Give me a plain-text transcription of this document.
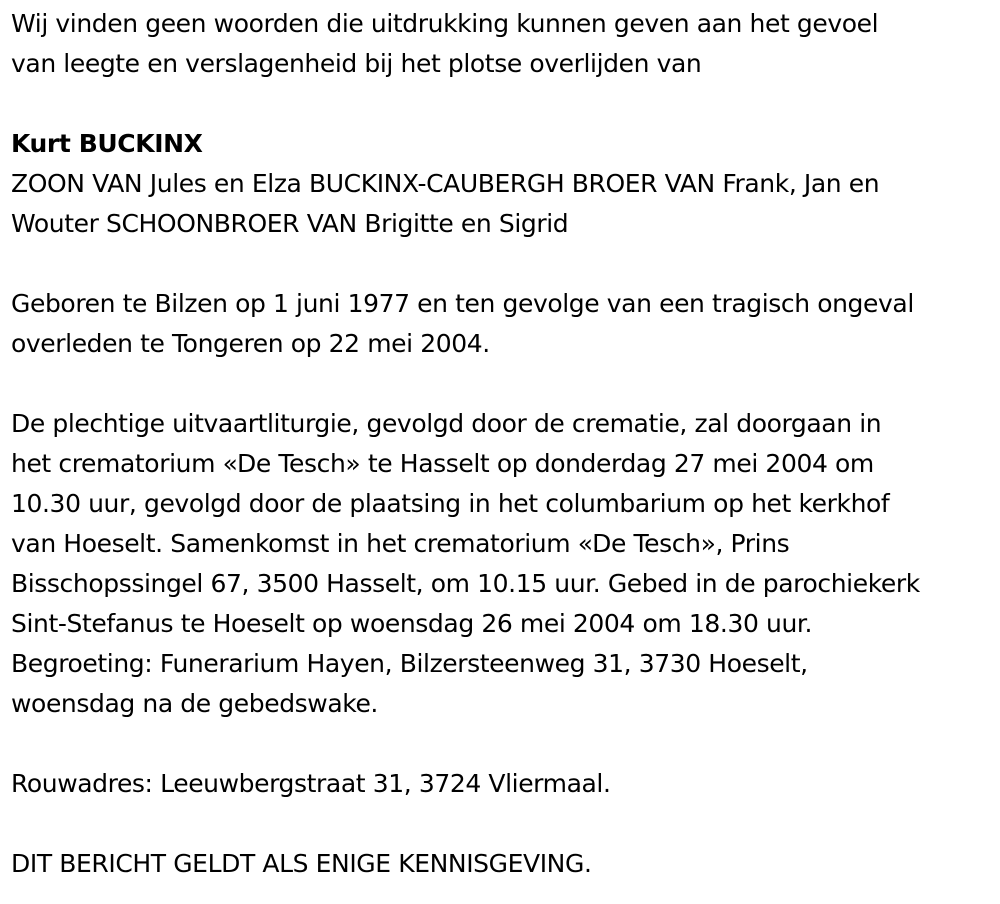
Wij vinden geen woorden die uitdrukking kunnen geven aan het gevoel
van leegte en verslagenheid bij het plotse overlijden van

Kurt BUCKINX

ZOON VAN Jules en Elza BUCKINX-CAUBERGH BROER VAN Frank, Jan en
Wouter SCHOONBROER VAN Brigitte en Sigrid

Geboren te Bilzen op 1 juni 1977 en ten gevolge van een tragisch ongeval
overleden te Tongeren op 22 mei 2004.

De plechtige uitvaartliturgie, gevolgd door de crematie, zal doorgaan in
het crematorium «De Tesch» te Hasselt op donderdag 27 mei 2004 om
10.30 uur, gevolgd door de plaatsing in het columbarium op het kerkhof
van Hoeselt. Samenkomst in het crematorium «De Tesch», Prins
Bisschopssingel 67, 3500 Hasselt, om 10.15 uur. Gebed in de parochiekerk
Sint-Stefanus te Hoeselt op woensdag 26 mei 2004 om 18.30 uur.
Begroeting: Funerarium Hayen, Bilzersteenweg 31, 3730 Hoeselt,
woensdag na de gebedswake.

Rouwadres: Leeuwbergstraat 31, 3724 Vliermaal.

DIT BERICHT GELDT ALS ENIGE KENNISGEVING.
